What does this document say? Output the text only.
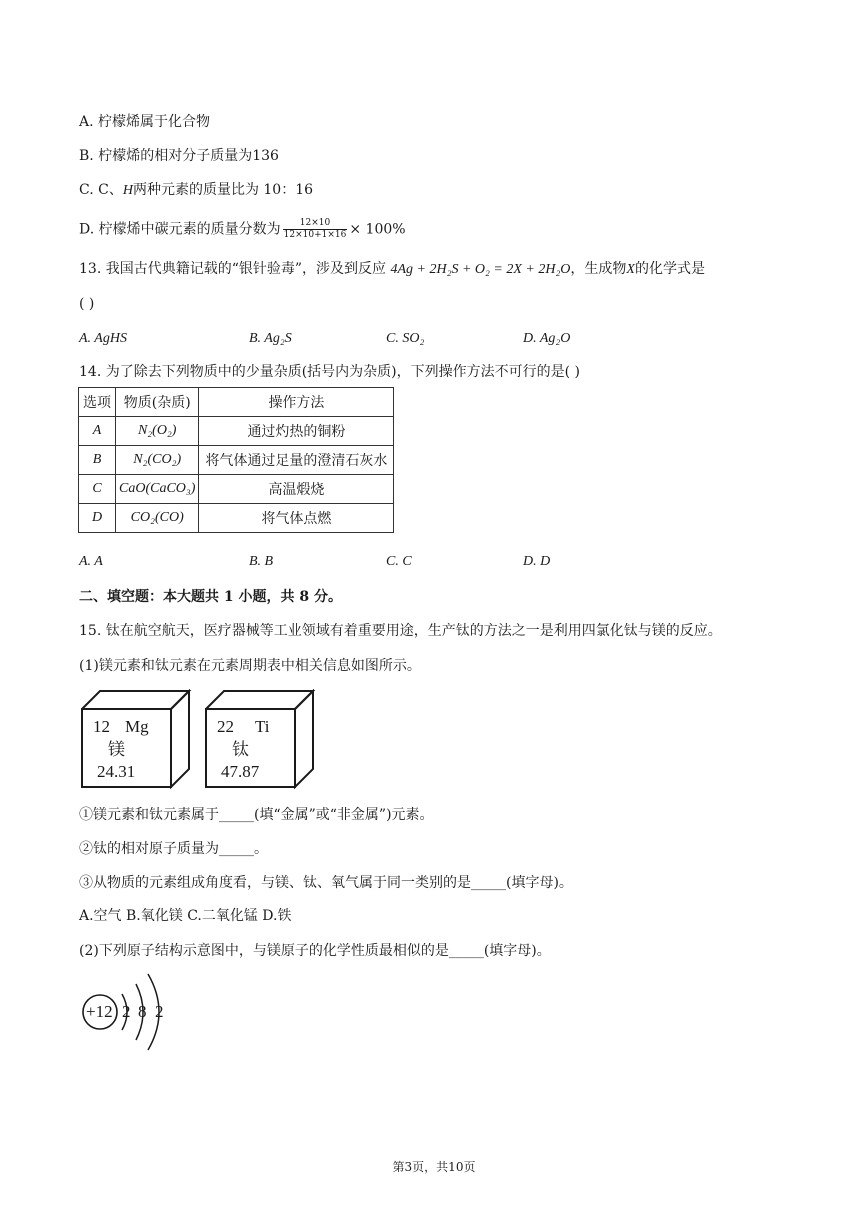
A. 柠檬烯属于化合物
B. 柠檬烯的相对分子质量为136
C. C、H两种元素的质量比为 10：16
D. 柠檬烯中碳元素的质量分数为 $\frac{12\times 10}{12\times 10+1\times 16} \times 100\%$
13. 我国古代典籍记载的“银针验毒”，涉及到反应 4Ag + 2H₂S + O₂ = 2X + 2H₂O，生成物X的化学式是
( )
A. AgHS	B. Ag₂S	C. SO₂	D. Ag₂O
14. 为了除去下列物质中的少量杂质(括号内为杂质)，下列操作方法不可行的是( )
选项	物质(杂质)	操作方法
A	N₂(O₂)	通过灼热的铜粉
B	N₂(CO₂)	将气体通过足量的澄清石灰水
C	CaO(CaCO₃)	高温煅烧
D	CO₂(CO)	将气体点燃
A. A	B. B	C. C	D. D
二、填空题：本大题共 1 小题，共 8 分。
15. 钛在航空航天，医疗器械等工业领域有着重要用途，生产钛的方法之一是利用四氯化钛与镁的反应。
(1)镁元素和钛元素在元素周期表中相关信息如图所示。
12 Mg
镁
24.31
22 Ti
钛
47.87
①镁元素和钛元素属于_____(填“金属”或“非金属”)元素。
②钛的相对原子质量为_____。
③从物质的元素组成角度看，与镁、钛、氧气属于同一类别的是_____(填字母)。
A.空气 B.氧化镁 C.二氧化锰 D.铁
(2)下列原子结构示意图中，与镁原子的化学性质最相似的是_____(填字母)。
+12 2 8 2
第3页，共10页
